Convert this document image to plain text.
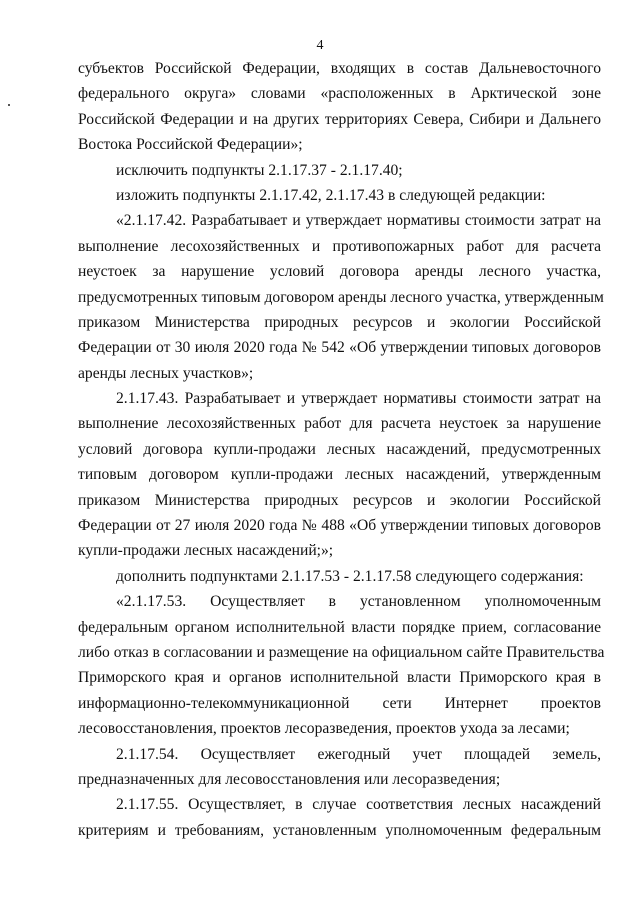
4
субъектов Российской Федерации, входящих в состав Дальневосточного
федерального округа» словами «расположенных в Арктической зоне
Российской Федерации и на других территориях Севера, Сибири и Дальнего
Востока Российской Федерации»;
исключить подпункты 2.1.17.37 - 2.1.17.40;
изложить подпункты 2.1.17.42, 2.1.17.43 в следующей редакции:
«2.1.17.42. Разрабатывает и утверждает нормативы стоимости затрат на
выполнение лесохозяйственных и противопожарных работ для расчета
неустоек за нарушение условий договора аренды лесного участка,
предусмотренных типовым договором аренды лесного участка, утвержденным
приказом Министерства природных ресурсов и экологии Российской
Федерации от 30 июля 2020 года № 542 «Об утверждении типовых договоров
аренды лесных участков»;
2.1.17.43. Разрабатывает и утверждает нормативы стоимости затрат на
выполнение лесохозяйственных работ для расчета неустоек за нарушение
условий договора купли-продажи лесных насаждений, предусмотренных
типовым договором купли-продажи лесных насаждений, утвержденным
приказом Министерства природных ресурсов и экологии Российской
Федерации от 27 июля 2020 года № 488 «Об утверждении типовых договоров
купли-продажи лесных насаждений;»;
дополнить подпунктами 2.1.17.53 - 2.1.17.58 следующего содержания:
«2.1.17.53. Осуществляет в установленном уполномоченным
федеральным органом исполнительной власти порядке прием, согласование
либо отказ в согласовании и размещение на официальном сайте Правительства
Приморского края и органов исполнительной власти Приморского края в
информационно-телекоммуникационной сети Интернет проектов
лесовосстановления, проектов лесоразведения, проектов ухода за лесами;
2.1.17.54. Осуществляет ежегодный учет площадей земель,
предназначенных для лесовосстановления или лесоразведения;
2.1.17.55. Осуществляет, в случае соответствия лесных насаждений
критериям и требованиям, установленным уполномоченным федеральным
